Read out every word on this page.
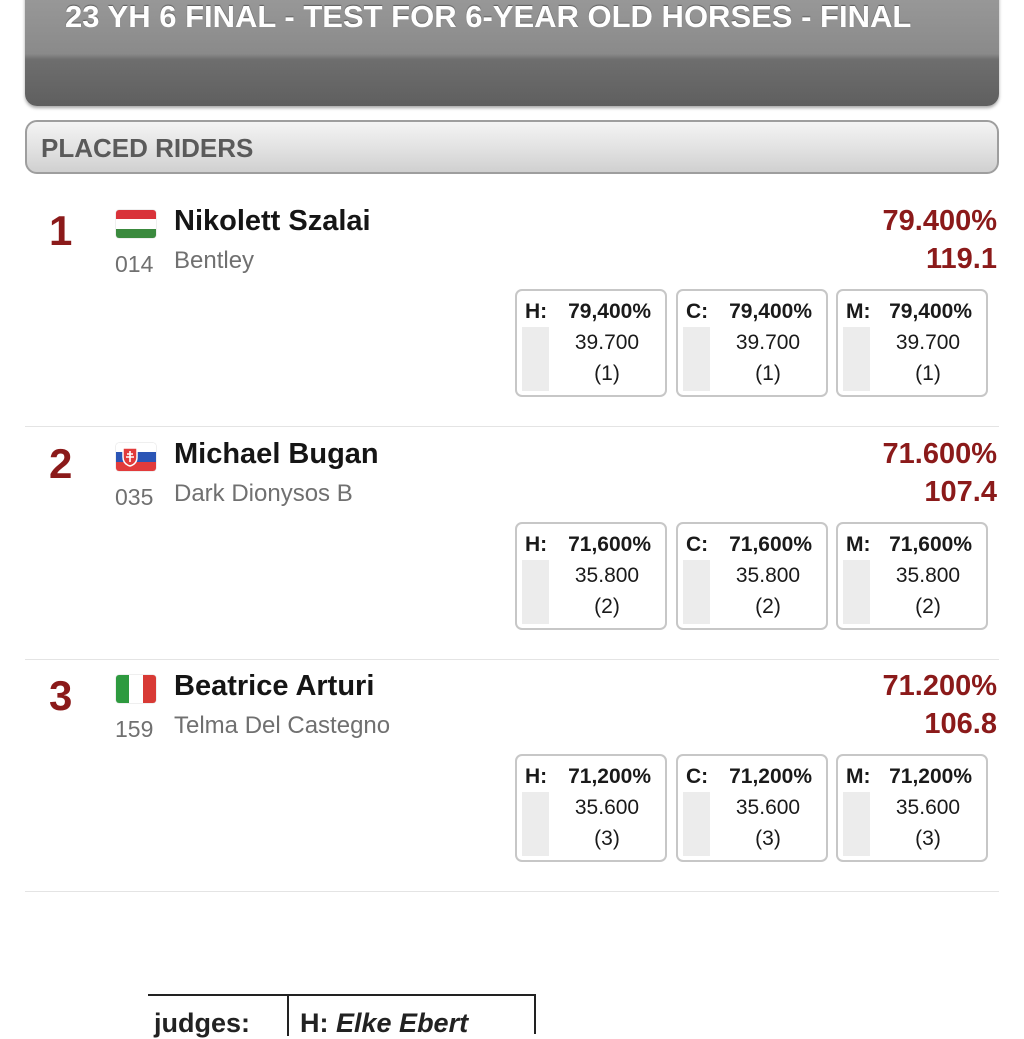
23 YH 6 FINAL - TEST FOR 6-YEAR OLD HORSES - FINAL
PLACED RIDERS
1	Nikolett Szalai
014 Bentley
79.400%
119.1
H: 79,400%
39.700
(1)
C: 79,400%
39.700
(1)
M: 79,400%
39.700
(1)
2	Michael Bugan
035 Dark Dionysos B
71.600%
107.4
H: 71,600%
35.800
(2)
C: 71,600%
35.800
(2)
M: 71,600%
35.800
(2)
3	Beatrice Arturi
159 Telma Del Castegno
71.200%
106.8
H: 71,200%
35.600
(3)
C: 71,200%
35.600
(3)
M: 71,200%
35.600
(3)
judges: H: Elke Ebert
